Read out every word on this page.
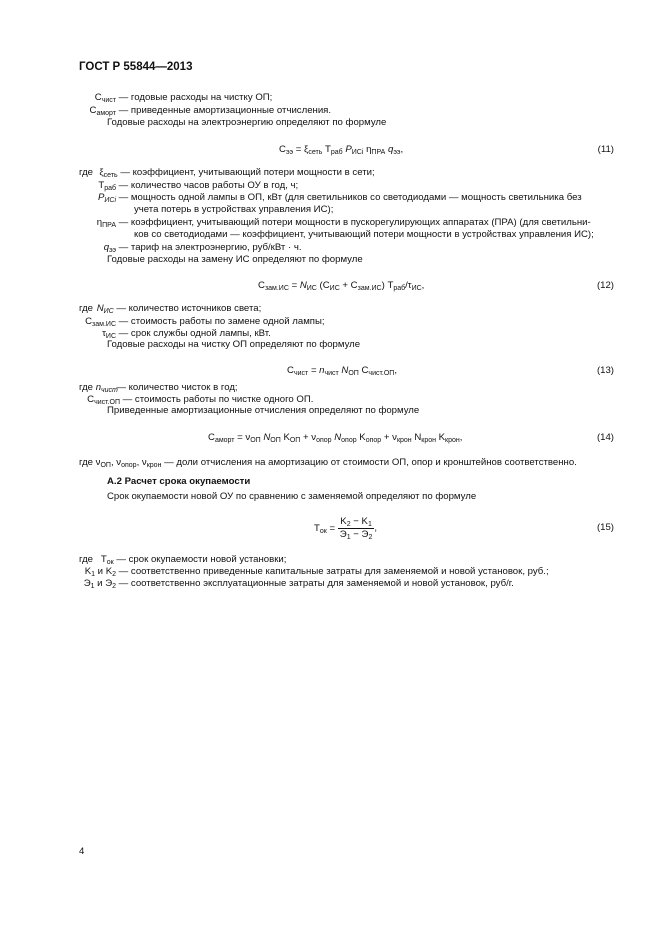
ГОСТ Р 55844—2013
$C_{чист}$ — годовые расходы на чистку ОП;
$C_{аморт}$ — приведенные амортизационные отчисления.
Годовые расходы на электроэнергию определяют по формуле
$С_{ээ} = \xi_{сеть}$ $T_{раб}$ $P_{ИСi}$ $\eta_{ПРА}$ $q_{ээ}$,	(11)
где $\xi_{сеть}$ — коэффициент, учитывающий потери мощности в сети;
$T_{раб}$ — количество часов работы ОУ в год, ч;
$P_{ИСi}$ — мощность одной лампы в ОП, кВт (для светильников со светодиодами — мощность светильника без
учета потерь в устройствах управления ИС);
$\eta_{ПРА}$ — коэффициент, учитывающий потери мощности в пускорегулирующих аппаратах (ПРА) (для светильни-
ков со светодиодами — коэффициент, учитывающий потери мощности в устройствах управления ИС);
$q_{ээ}$ — тариф на электроэнергию, руб/кВт · ч.
Годовые расходы на замену ИС определяют по формуле
$С_{зам.ИС} = N_{ИС}$ $(С_{ИС} + С_{зам.ИС})$ $T_{раб}/\tau_{ИС}$,	(12)
где $N_{ИС}$ — количество источников света;
$C_{зам.ИС}$ — стоимость работы по замене одной лампы;
$\tau_{ИС}$ — срок службы одной лампы, кВт.
Годовые расходы на чистку ОП определяют по формуле
$С_{чист} = n_{чист}$ $N_{ОП}$ $С_{чист.ОП}$,	(13)
где $n_{чист}$ — количество чисток в год;
$C_{чист.ОП}$ — стоимость работы по чистке одного ОП.
Приведенные амортизационные отчисления определяют по формуле
$С_{аморт} = \nu_{ОП}$ $N_{ОП}$ $K_{ОП} + \nu_{опор}$ $N_{опор}$ $K_{опор} + \nu_{крон}$ $N_{крон}$ $K_{крон}$,	(14)
где $\nu_{ОП}$, $\nu_{опор}$, $\nu_{крон}$ — доли отчисления на амортизацию от стоимости ОП, опор и кронштейнов соответственно.
А.2 Расчет срока окупаемости
Срок окупаемости новой ОУ по сравнению с заменяемой определяют по формуле
$T_{ок} = \frac{K_2 - K_1}{Э_1 - Э_2}$ ,	(15)
где $T_{ок}$ — срок окупаемости новой установки;
$K_1$ и $K_2$ — соответственно приведенные капитальные затраты для заменяемой и новой установок, руб.;
$Э_1$ и $Э_2$ — соответственно эксплуатационные затраты для заменяемой и новой установок, руб/г.
4
